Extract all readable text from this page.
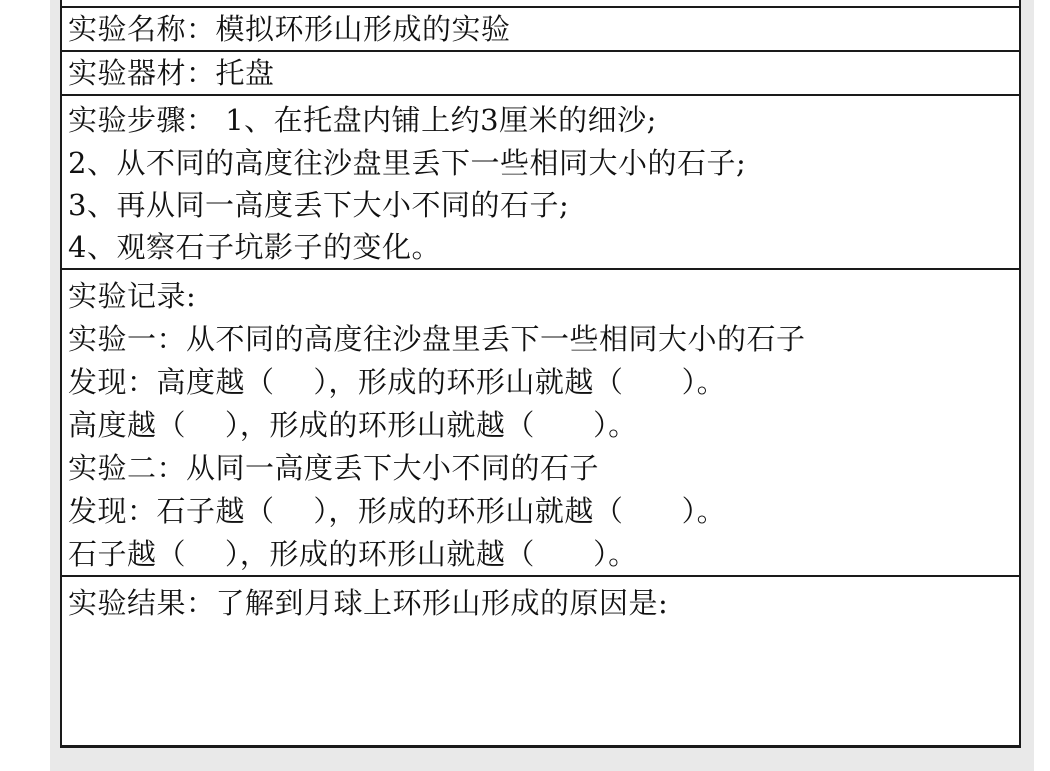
实验名称：模拟环形山形成的实验
实验器材：托盘
实验步骤： 1、在托盘内铺上约3厘米的细沙;
2、从不同的高度往沙盘里丢下一些相同大小的石子;
3、再从同一高度丢下大小不同的石子;
4、观察石子坑影子的变化。
实验记录:
实验一：从不同的高度往沙盘里丢下一些相同大小的石子
发现：高度越（    ），形成的环形山就越（      ）。
高度越（    ），形成的环形山就越（      ）。
实验二：从同一高度丢下大小不同的石子
发现：石子越（    ），形成的环形山就越（      ）。
石子越（    ），形成的环形山就越（      ）。
实验结果：了解到月球上环形山形成的原因是:
